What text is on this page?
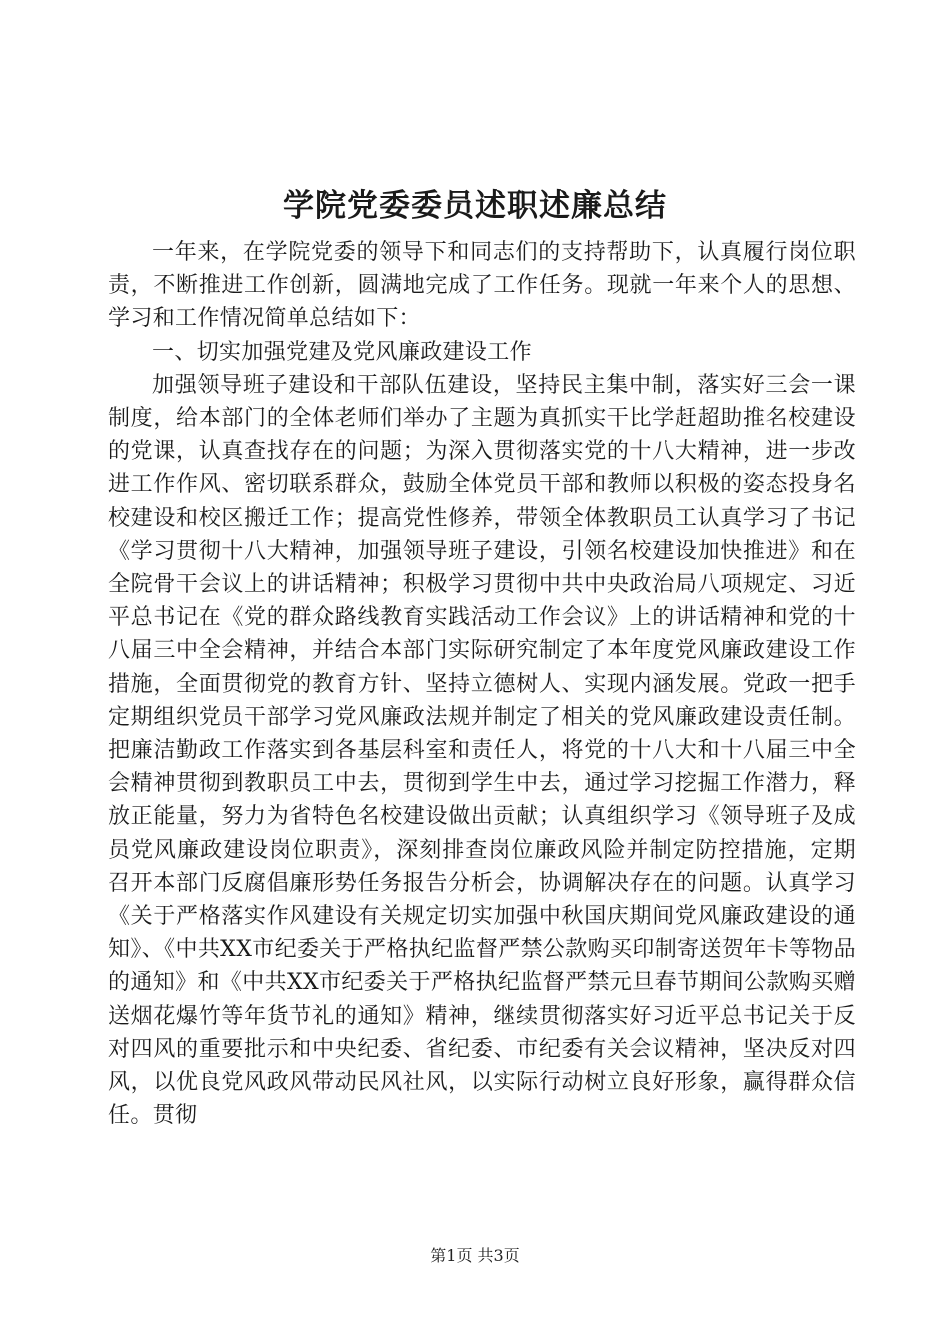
学院党委委员述职述廉总结

一年来，在学院党委的领导下和同志们的支持帮助下，认真履行岗位职责，不断推进工作创新，圆满地完成了工作任务。现就一年来个人的思想、学习和工作情况简单总结如下：

一、切实加强党建及党风廉政建设工作

加强领导班子建设和干部队伍建设，坚持民主集中制，落实好三会一课制度，给本部门的全体老师们举办了主题为真抓实干比学赶超助推名校建设的党课，认真查找存在的问题；为深入贯彻落实党的十八大精神，进一步改进工作作风、密切联系群众，鼓励全体党员干部和教师以积极的姿态投身名校建设和校区搬迁工作；提高党性修养，带领全体教职员工认真学习了书记《学习贯彻十八大精神，加强领导班子建设，引领名校建设加快推进》和在全院骨干会议上的讲话精神；积极学习贯彻中共中央政治局八项规定、习近平总书记在《党的群众路线教育实践活动工作会议》上的讲话精神和党的十八届三中全会精神，并结合本部门实际研究制定了本年度党风廉政建设工作措施，全面贯彻党的教育方针、坚持立德树人、实现内涵发展。党政一把手定期组织党员干部学习党风廉政法规并制定了相关的党风廉政建设责任制。把廉洁勤政工作落实到各基层科室和责任人，将党的十八大和十八届三中全会精神贯彻到教职员工中去，贯彻到学生中去，通过学习挖掘工作潜力，释放正能量，努力为省特色名校建设做出贡献；认真组织学习《领导班子及成员党风廉政建设岗位职责》，深刻排查岗位廉政风险并制定防控措施，定期召开本部门反腐倡廉形势任务报告分析会，协调解决存在的问题。认真学习《关于严格落实作风建设有关规定切实加强中秋国庆期间党风廉政建设的通知》、《中共XX市纪委关于严格执纪监督严禁公款购买印制寄送贺年卡等物品的通知》和《中共XX市纪委关于严格执纪监督严禁元旦春节期间公款购买赠送烟花爆竹等年货节礼的通知》精神，继续贯彻落实好习近平总书记关于反对四风的重要批示和中央纪委、省纪委、市纪委有关会议精神，坚决反对四风，以优良党风政风带动民风社风，以实际行动树立良好形象，赢得群众信任。贯彻

第1页 共3页
